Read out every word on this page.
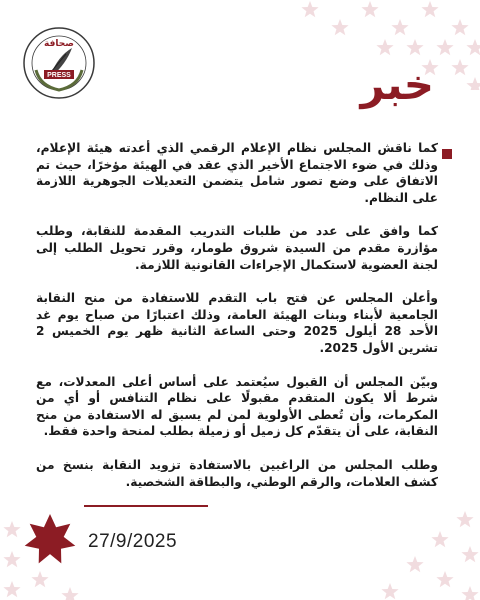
PRESS
صحافة
خبر

كما ناقش المجلس نظام الإعلام الرقمي الذي أعدته هيئة الإعلام، وذلك في ضوء الاجتماع الأخير الذي عقد في الهيئة مؤخرًا، حيث تم الاتفاق على وضع تصور شامل يتضمن التعديلات الجوهرية اللازمة على النظام.

كما وافق على عدد من طلبات التدريب المقدمة للنقابة، وطلب مؤازرة مقدم من السيدة شروق طومار، وقرر تحويل الطلب إلى لجنة العضوية لاستكمال الإجراءات القانونية اللازمة.

وأعلن المجلس عن فتح باب التقدم للاستفادة من منح النقابة الجامعية لأبناء وبنات الهيئة العامة، وذلك اعتبارًا من صباح يوم غد الأحد 28 أيلول 2025 وحتى الساعة الثانية ظهر يوم الخميس 2 تشرين الأول 2025.

وبيّن المجلس أن القبول سيُعتمد على أساس أعلى المعدلات، مع شرط ألا يكون المتقدم مقبولًا على نظام التنافس أو أي من المكرمات، وأن تُعطى الأولوية لمن لم يسبق له الاستفادة من منح النقابة، على أن يتقدّم كل زميل أو زميلة بطلب لمنحة واحدة فقط.

وطلب المجلس من الراغبين بالاستفادة تزويد النقابة بنسخ من كشف العلامات، والرقم الوطني، والبطاقة الشخصية.

27/9/2025
